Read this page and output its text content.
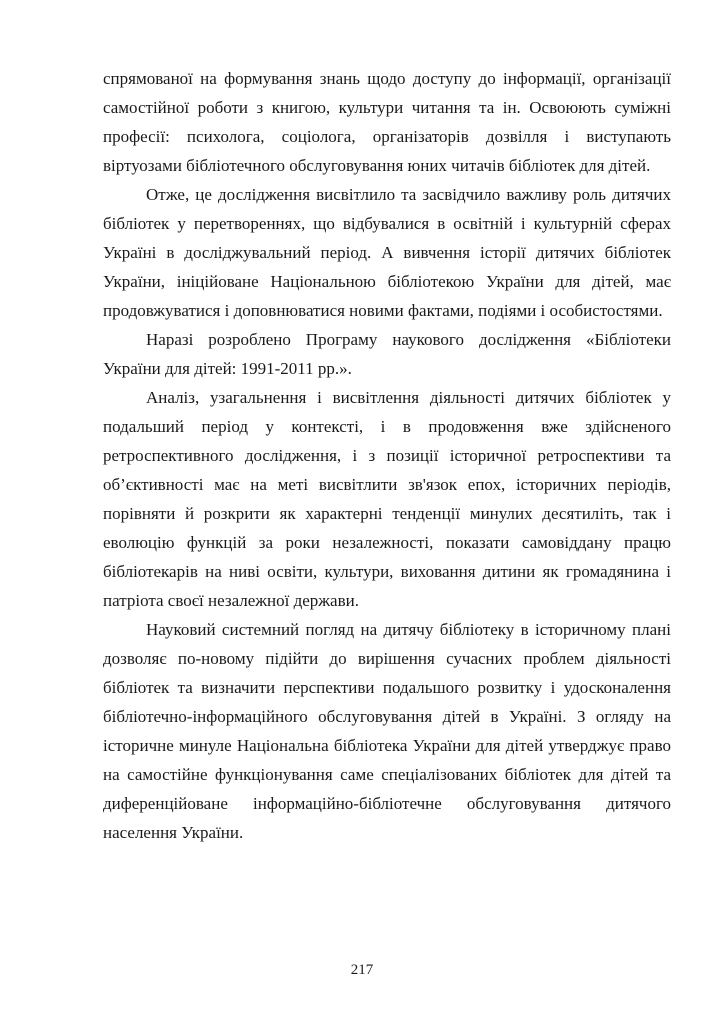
спрямованої на формування знань щодо доступу до інформації, організації самостійної роботи з книгою, культури читання та ін. Освоюють суміжні професії: психолога, соціолога, організаторів дозвілля і виступають віртуозами бібліотечного обслуговування юних читачів бібліотек для дітей.

Отже, це дослідження висвітлило та засвідчило важливу роль дитячих бібліотек у перетвореннях, що відбувалися в освітній і культурній сферах Україні в досліджувальний період. А вивчення історії дитячих бібліотек України, ініційоване Національною бібліотекою України для дітей, має продовжуватися і доповнюватися новими фактами, подіями і особистостями.

Наразі розроблено Програму наукового дослідження «Бібліотеки України для дітей: 1991-2011 рр.».

Аналіз, узагальнення і висвітлення діяльності дитячих бібліотек у подальший період у контексті, і в продовження вже здійсненого ретроспективного дослідження, і з позиції історичної ретроспективи та об’єктивності має на меті висвітлити зв'язок епох, історичних періодів, порівняти й розкрити як характерні тенденції минулих десятиліть, так і еволюцію функцій за роки незалежності, показати самовіддану працю бібліотекарів на ниві освіти, культури, виховання дитини як громадянина і патріота своєї незалежної держави.

Науковий системний погляд на дитячу бібліотеку в історичному плані дозволяє по-новому підійти до вирішення сучасних проблем діяльності бібліотек та визначити перспективи подальшого розвитку і удосконалення бібліотечно-інформаційного обслуговування дітей в Україні. З огляду на історичне минуле Національна бібліотека України для дітей утверджує право на самостійне функціонування саме спеціалізованих бібліотек для дітей та диференційоване інформаційно-бібліотечне обслуговування дитячого населення України.

217
